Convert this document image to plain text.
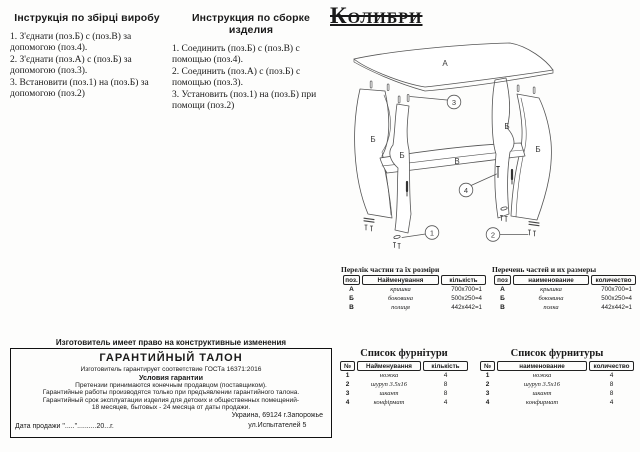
Інструкція по збірці виробу
1. З'єднати (поз.Б) с (поз.В) за допомогою (поз.4).
2. З'єднати (поз.А) с (поз.Б) за допомогою (поз.3).
3. Встановити (поз.1) на (поз.Б) за допомогою (поз.2)
Инструкция по сборке изделия
1. Соединить (поз.Б) с (поз.В) с помощью (поз.4).
2. Соединить (поз.А) с (поз.Б) с помощью (поз.3).
3. Установить (поз.1) на (поз.Б) при помощи (поз.2)
Колибри
А
Б
Б
Б
Б
В
3
4
1	2
Перелік частин та їх розміри
поз.	Найменування	кількість
А	кришка	700х700=1
Б	боковина	500х250=4
В	полиця	442х442=1
Перечень частей и их размеры
поз	наименование	количество
А	крышка	700х700=1
Б	боковина	500х250=4
В	полка	442х442=1
Изготовитель имеет право на конструктивные изменения
ГАРАНТИЙНЫЙ ТАЛОН
Изготовитель гарантирует соответствие ГОСТа 16371:2016
Условия гарантии
Претензии принимаются конечным продавцом (поставщиком).
Гарантийные работы производятся только при предъявлении гарантийного талона.
Гарантийный срок эксплуатации изделия для детских и общественных помещений-
18 месяцев, бытовых - 24 месяца от даты продажи.
Дата продажи "....."..........20...г.
Украина, 69124 г.Запорожье
ул.Испытателей 5
Список фурнітури
№	Найменування	кількість
1	ножка	4
2	шуруп 3.5х16	8
3	шкант	8
4	конфірмат	4
Список фурнитуры
№	наименование	количество
1	ножка	4
2	шуруп 3.5х16	8
3	шкант	8
4	конфирмат	4
